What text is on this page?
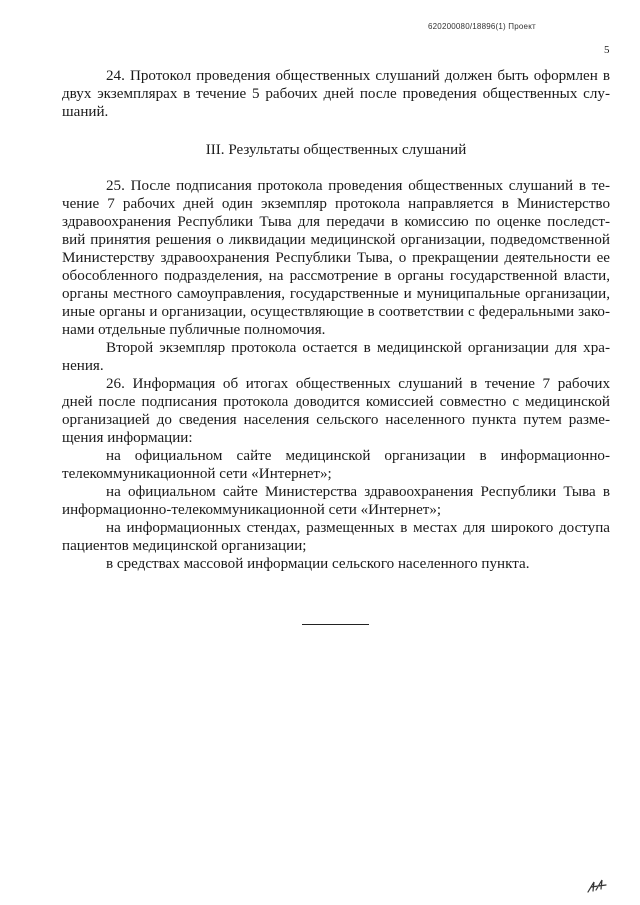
620200080/18896(1) Проект
5
24. Протокол проведения общественных слушаний должен быть оформлен в
двух экземплярах в течение 5 рабочих дней после проведения общественных слу-
шаний.
III. Результаты общественных слушаний
25. После подписания протокола проведения общественных слушаний в те-
чение 7 рабочих дней один экземпляр протокола направляется в Министерство
здравоохранения Республики Тыва для передачи в комиссию по оценке последст-
вий принятия решения о ликвидации медицинской организации, подведомственной
Министерству здравоохранения Республики Тыва, о прекращении деятельности ее
обособленного подразделения, на рассмотрение в органы государственной власти,
органы местного самоуправления, государственные и муниципальные организации,
иные органы и организации, осуществляющие в соответствии с федеральными зако-
нами отдельные публичные полномочия.
Второй экземпляр протокола остается в медицинской организации для хра-
нения.
26. Информация об итогах общественных слушаний в течение 7 рабочих
дней после подписания протокола доводится комиссией совместно с медицинской
организацией до сведения населения сельского населенного пункта путем разме-
щения информации:
на официальном сайте медицинской организации в информационно-
телекоммуникационной сети «Интернет»;
на официальном сайте Министерства здравоохранения Республики Тыва в
информационно-телекоммуникационной сети «Интернет»;
на информационных стендах, размещенных в местах для широкого доступа
пациентов медицинской организации;
в средствах массовой информации сельского населенного пункта.
